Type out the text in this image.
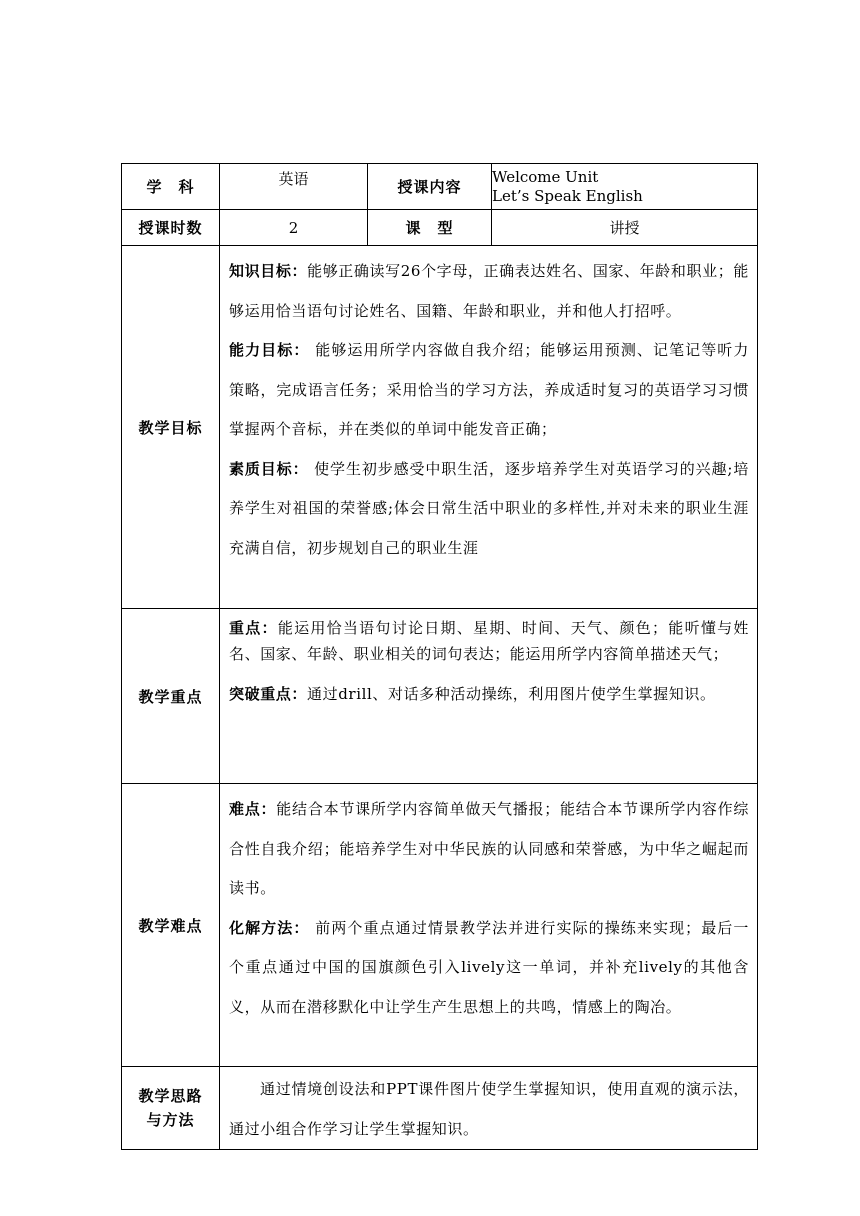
学　科	英语	授课内容	Welcome Unit
Let’s Speak English

授课时数	2	课　型	讲授
教学目标	知识目标：能够正确读写26个字母，正确表达姓名、国家、年龄和职业；能够运用恰当语句讨论姓名、国籍、年龄和职业，并和他人打招呼。

能力目标： 能够运用所学内容做自我介绍；能够运用预测、记笔记等听力策略，完成语言任务；采用恰当的学习方法，养成适时复习的英语学习习惯掌握两个音标，并在类似的单词中能发音正确；

素质目标： 使学生初步感受中职生活，逐步培养学生对英语学习的兴趣;培养学生对祖国的荣誉感;体会日常生活中职业的多样性,并对未来的职业生涯充满自信，初步规划自己的职业生涯		

教学重点	重点：能运用恰当语句讨论日期、星期、时间、天气、颜色；能听懂与姓名、国家、年龄、职业相关的词句表达；能运用所学内容简单描述天气；

突破重点：通过drill、对话多种活动操练，利用图片使学生掌握知识。		

教学难点	难点：能结合本节课所学内容简单做天气播报；能结合本节课所学内容作综合性自我介绍；能培养学生对中华民族的认同感和荣誉感，为中华之崛起而读书。

化解方法： 前两个重点通过情景教学法并进行实际的操练来实现；最后一个重点通过中国的国旗颜色引入lively这一单词，并补充lively的其他含义，从而在潜移默化中让学生产生思想上的共鸣，情感上的陶冶。		

教学思路
与方法	通过情境创设法和PPT课件图片使学生掌握知识，使用直观的演示法，通过小组合作学习让学生掌握知识。		
